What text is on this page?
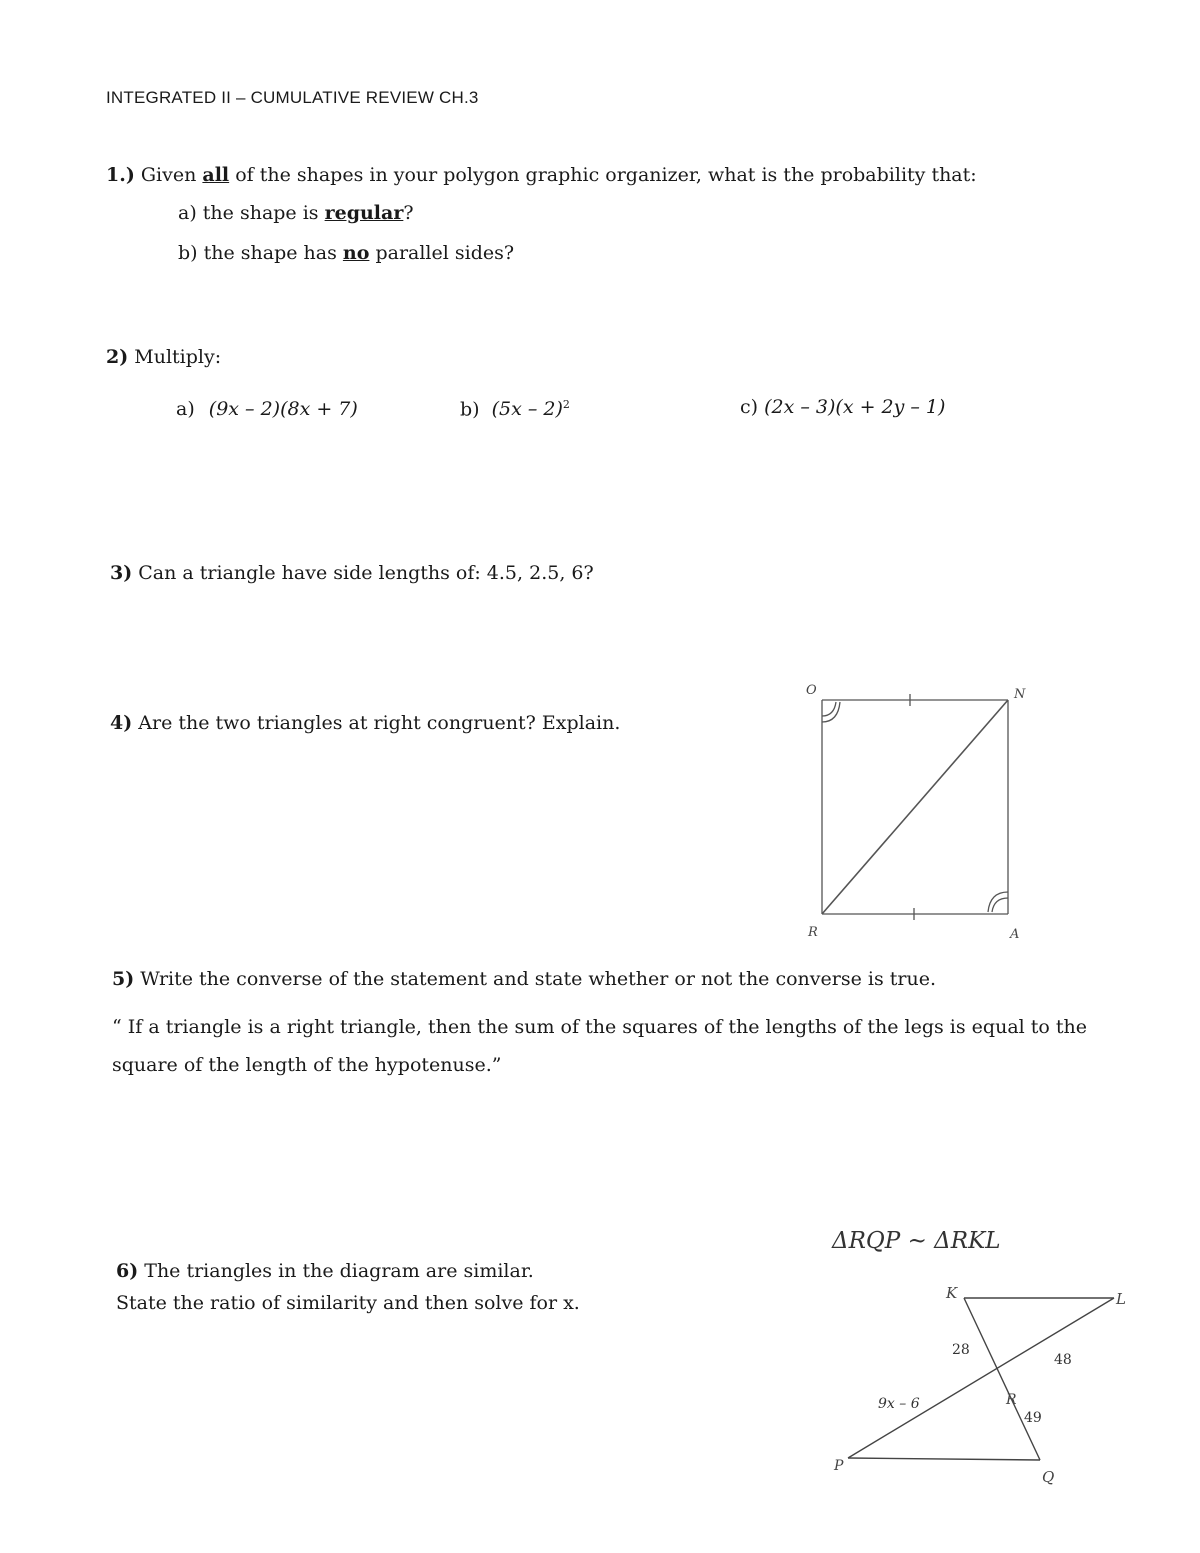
INTEGRATED II – CUMULATIVE REVIEW CH.3
1.) Given all of the shapes in your polygon graphic organizer, what is the probability that:
a) the shape is regular?
b) the shape has no parallel sides?
2) Multiply:
a) (9x – 2)(8x + 7)	b) (5x – 2)$^2$	c) (2x – 3)(x + 2y – 1)
3) Can a triangle have side lengths of: 4.5, 2.5, 6?
4) Are the two triangles at right congruent? Explain.
O	N
R	A
5) Write the converse of the statement and state whether or not the converse is true.
“ If a triangle is a right triangle, then the sum of the squares of the lengths of the legs is equal to the
square of the length of the hypotenuse.”
6) The triangles in the diagram are similar.
State the ratio of similarity and then solve for x.
ΔRQP ~ ΔRKL
K	L
R
P
Q
28
48
49
9x – 6
